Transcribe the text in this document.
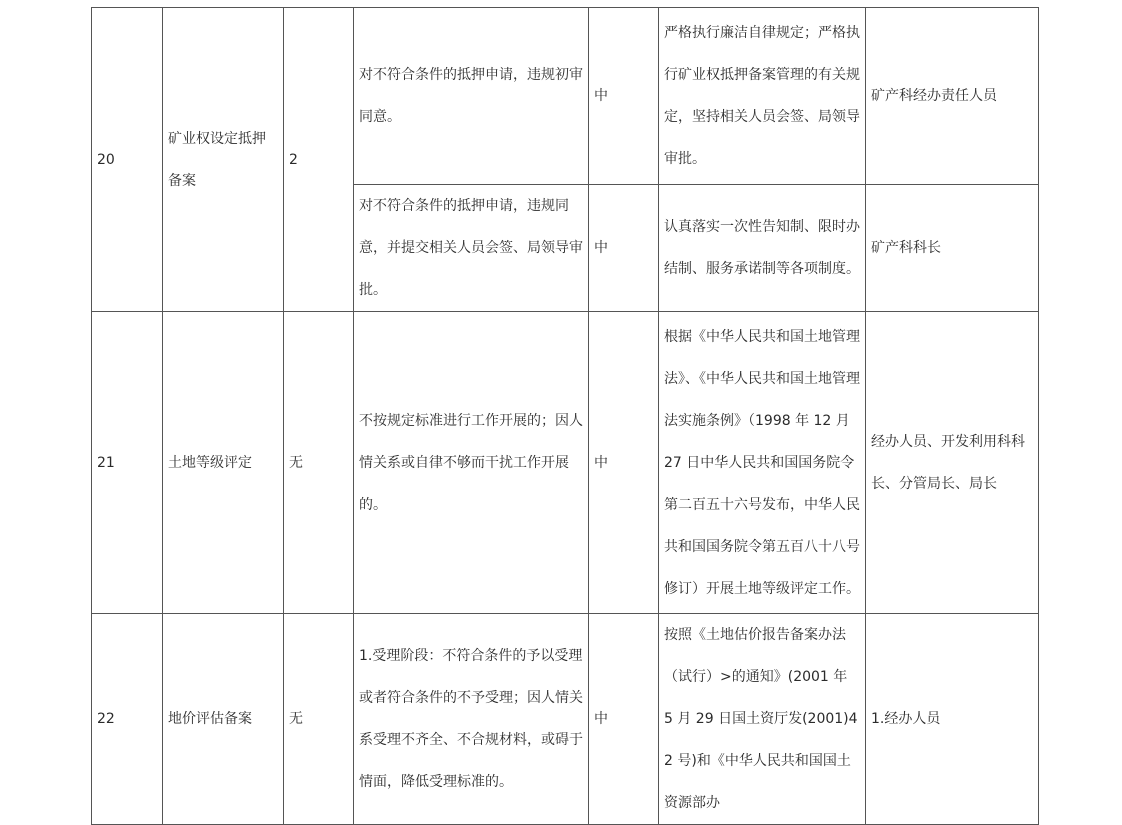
20	矿业权设定抵押备案	2	对不符合条件的抵押申请，违规初审同意。	中	严格执行廉洁自律规定；严格执行矿业权抵押备案管理的有关规定，坚持相关人员会签、局领导审批。	矿产科经办责任人员
			对不符合条件的抵押申请，违规同意，并提交相关人员会签、局领导审批。	中	认真落实一次性告知制、限时办结制、服务承诺制等各项制度。	矿产科科长
21	土地等级评定	无	不按规定标准进行工作开展的；因人情关系或自律不够而干扰工作开展的。	中	根据《中华人民共和国土地管理法》、《中华人民共和国土地管理法实施条例》（1998 年 12 月 27 日中华人民共和国国务院令第二百五十六号发布，中华人民共和国国务院令第五百八十八号修订）开展土地等级评定工作。	经办人员、开发利用科科长、分管局长、局长
22	地价评估备案	无	1.受理阶段：不符合条件的予以受理或者符合条件的不予受理；因人情关系受理不齐全、不合规材料，或碍于情面，降低受理标准的。	中	按照《土地估价报告备案办法（试行）>的通知》(2001 年 5 月 29 日国土资厅发(2001)42 号)和《中华人民共和国国土资源部办	1.经办人员
